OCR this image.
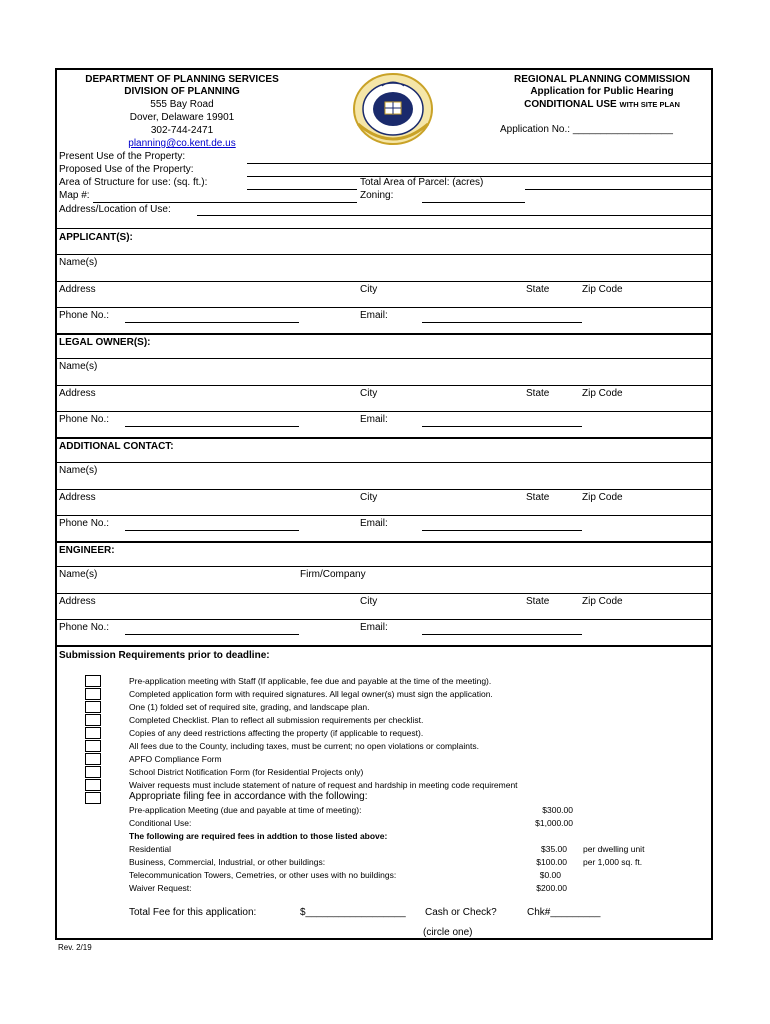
DEPARTMENT OF PLANNING SERVICES
DIVISION OF PLANNING
555 Bay Road
Dover, Delaware 19901
302-744-2471
planning@co.kent.de.us
REGIONAL PLANNING COMMISSION
Application for Public Hearing
CONDITIONAL USE WITH SITE PLAN
Application No.: __________________
Present Use of the Property:
Proposed Use of the Property:
Area of Structure for use: (sq. ft.):	Total Area of Parcel: (acres)
Map #:	Zoning:
Address/Location of Use:
APPLICANT(S):
Name(s)
Address	City	State	Zip Code
Phone No.:	Email:
LEGAL OWNER(S):
Name(s)
Address	City	State	Zip Code
Phone No.:	Email:
ADDITIONAL CONTACT:
Name(s)
Address	City	State	Zip Code
Phone No.:	Email:
ENGINEER:
Name(s)	Firm/Company
Address	City	State	Zip Code
Phone No.:	Email:
Submission Requirements prior to deadline:
Pre-application meeting with Staff (If applicable, fee due and payable at the time of the meeting).
Completed application form with required signatures. All legal owner(s) must sign the application.
One (1) folded set of required site, grading, and landscape plan.
Completed Checklist. Plan to reflect all submission requirements per checklist.
Copies of any deed restrictions affecting the property (if applicable to request).
All fees due to the County, including taxes, must be current; no open violations or complaints.
APFO Compliance Form
School District Notification Form (for Residential Projects only)
Waiver requests must include statement of nature of request and hardship in meeting code requirement
Appropriate filing fee in accordance with the following:
Pre-application Meeting (due and payable at time of meeting):	$300.00
Conditional Use:	$1,000.00
The following are required fees in addtion to those listed above:
Residential	$35.00 per dwelling unit
Business, Commercial, Industrial, or other buildings:	$100.00 per 1,000 sq. ft.
Telecommunication Towers, Cemetries, or other uses with no buildings:	$0.00
Waiver Request:	$200.00
Total Fee for this application:	$__________________ Cash or Check?	Chk#_________
(circle one)
Rev. 2/19
